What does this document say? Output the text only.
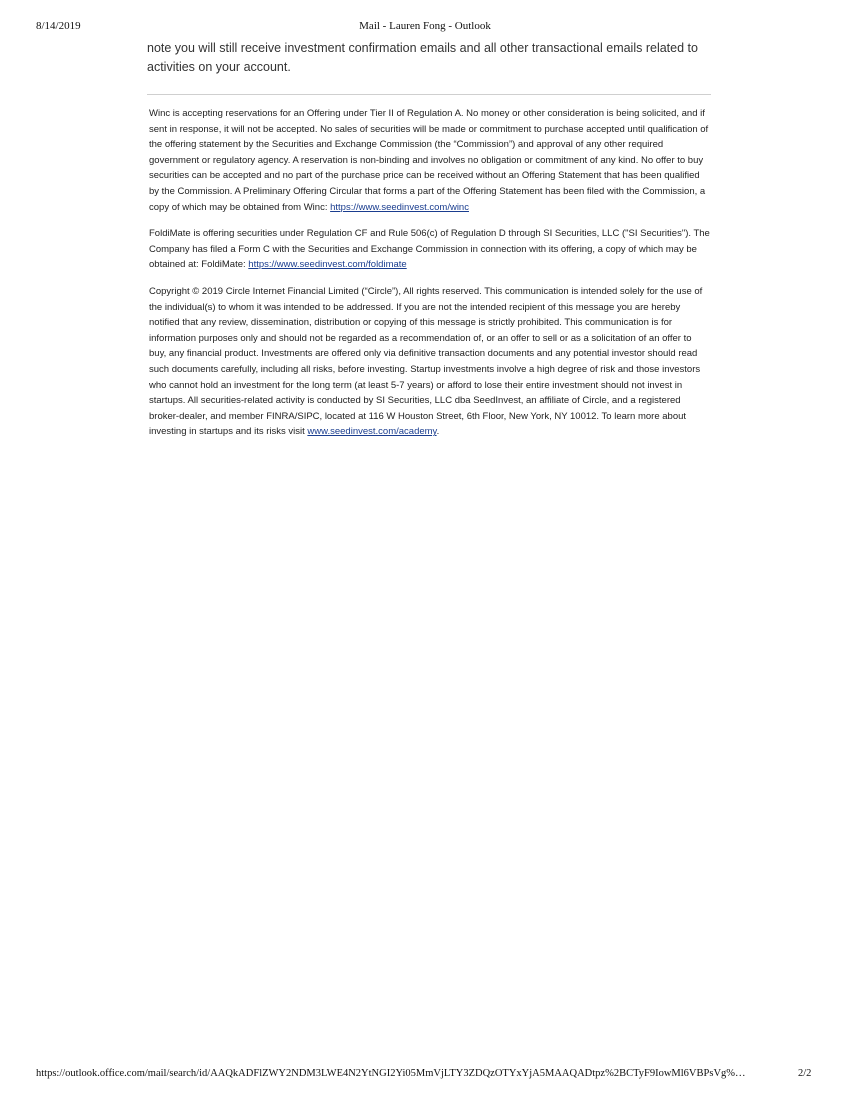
8/14/2019	Mail - Lauren Fong - Outlook
note you will still receive investment confirmation emails and all other transactional emails related to activities on your account.

Winc is accepting reservations for an Offering under Tier II of Regulation A. No money or other consideration is being solicited, and if sent in response, it will not be accepted. No sales of securities will be made or commitment to purchase accepted until qualification of the offering statement by the Securities and Exchange Commission (the “Commission”) and approval of any other required government or regulatory agency. A reservation is non-binding and involves no obligation or commitment of any kind. No offer to buy securities can be accepted and no part of the purchase price can be received without an Offering Statement that has been qualified by the Commission. A Preliminary Offering Circular that forms a part of the Offering Statement has been filed with the Commission, a copy of which may be obtained from Winc: https://www.seedinvest.com/winc

FoldiMate is offering securities under Regulation CF and Rule 506(c) of Regulation D through SI Securities, LLC ("SI Securities"). The Company has filed a Form C with the Securities and Exchange Commission in connection with its offering, a copy of which may be obtained at: FoldiMate: https://www.seedinvest.com/foldimate

Copyright © 2019 Circle Internet Financial Limited (“Circle”), All rights reserved. This communication is intended solely for the use of the individual(s) to whom it was intended to be addressed. If you are not the intended recipient of this message you are hereby notified that any review, dissemination, distribution or copying of this message is strictly prohibited. This communication is for information purposes only and should not be regarded as a recommendation of, or an offer to sell or as a solicitation of an offer to buy, any financial product. Investments are offered only via definitive transaction documents and any potential investor should read such documents carefully, including all risks, before investing. Startup investments involve a high degree of risk and those investors who cannot hold an investment for the long term (at least 5-7 years) or afford to lose their entire investment should not invest in startups. All securities-related activity is conducted by SI Securities, LLC dba SeedInvest, an affiliate of Circle, and a registered broker-dealer, and member FINRA/SIPC, located at 116 W Houston Street, 6th Floor, New York, NY 10012. To learn more about investing in startups and its risks visit www.seedinvest.com/academy.

https://outlook.office.com/mail/search/id/AAQkADFlZWY2NDM3LWE4N2YtNGI2Yi05MmVjLTY3ZDQzOTYxYjA5MAAQADtpz%2BCTyF9IowMl6VBPsVg%…	2/2
